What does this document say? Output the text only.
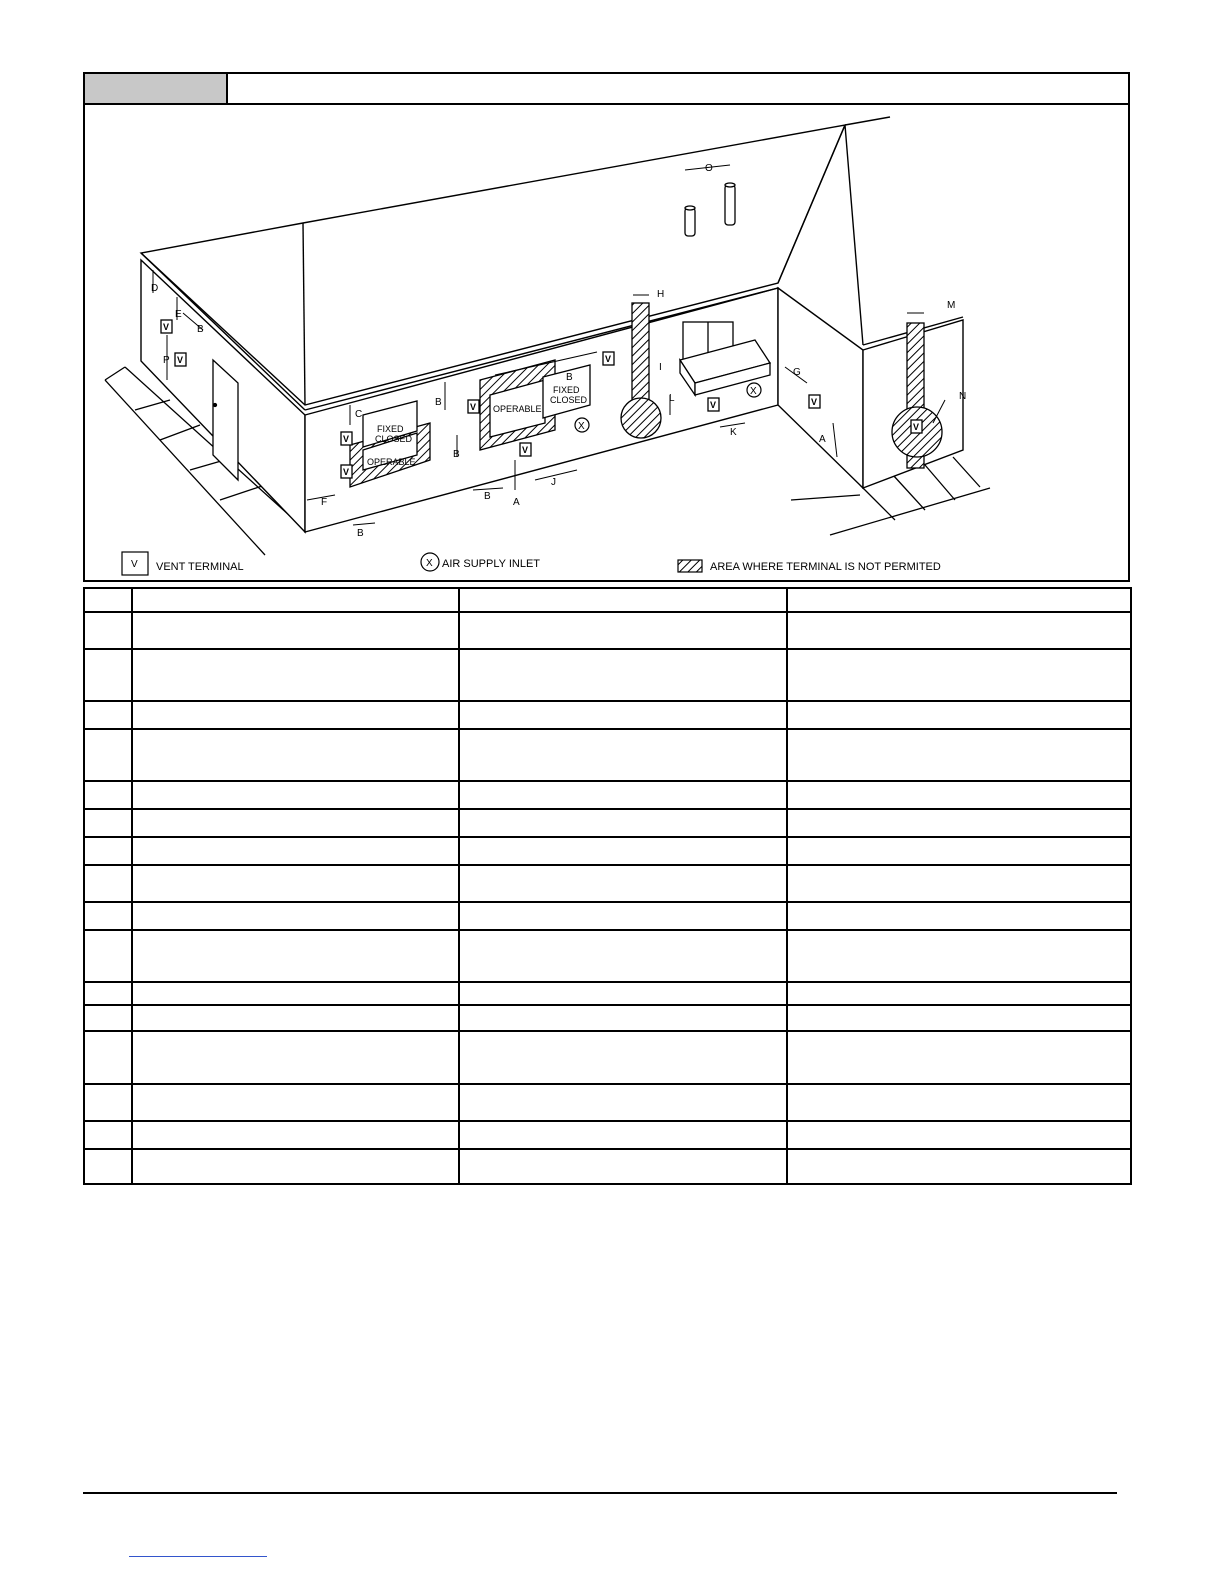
FIXED
CLOSED
OPERABLE
OPERABLE
FIXED
CLOSED
V
V
V
V
V
V
V
V	V
V
X
X
D
E
B
P
F
C
B
B
B
B
A
J
B
H
I
L
K
O
G
A
M
N
V VENT TERMINAL	X AIR SUPPLY INLET	AREA WHERE TERMINAL IS NOT PERMITED
